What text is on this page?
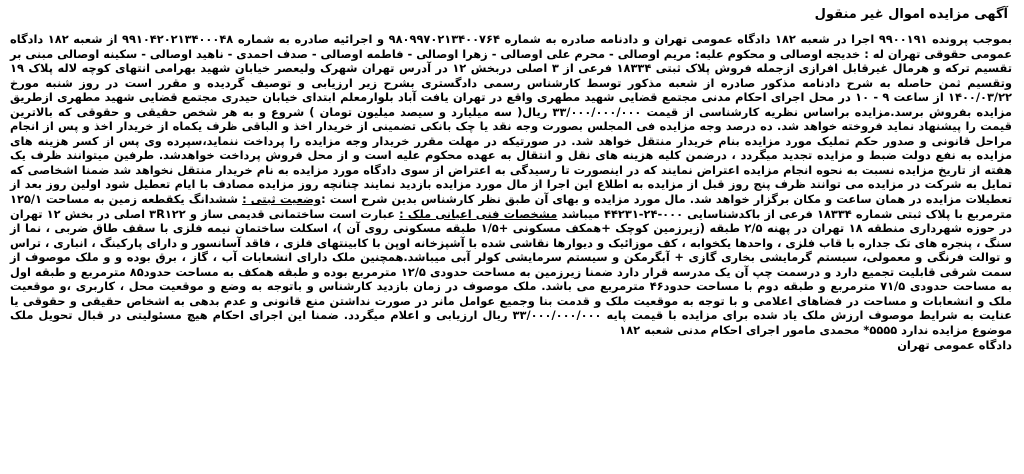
آگهی مزایده اموال غیر منقول
بموجب پرونده ۹۹۰۰۱۹۱ اجرا در شعبه ۱۸۲ دادگاه عمومی تهران و دادنامه صادره به شماره ۹۸۰۹۹۷۰۲۱۳۴۰۰۷۶۴ و اجرائیه صادره به شماره ۹۹۱۰۴۲۰۲۱۳۴۰۰۰۴۸ از شعبه ۱۸۲ دادگاه عمومی حقوقی تهران له : خدیجه اوصالی و محکوم علیه: مریم اوصالی - محرم علی اوصالی - زهرا اوصالی - فاطمه اوصالی - صدف احمدی - ناهید اوصالی - سکینه اوصالی مبنی بر تقسیم ترکه و هرمال غیرقابل افرازی ازجمله فروش پلاک ثبتی ۱۸۳۳۴ فرعی از ۳ اصلی دربخش ۱۲ در آدرس تهران شهرک ولیعصر خیابان شهید بهرامی انتهای کوچه لاله پلاک ۱۹ وتقسیم ثمن حاصله به شرح دادنامه مذکور صادره از شعبه مذکور توسط کارشناس رسمی دادگستری بشرح زیر ارزیابی و توصیف گردیده و مقرر است در روز شنبه مورخ ۱۴۰۰/۰۳/۲۲ از ساعت ۹ - ۱۰ در محل اجرای احکام مدنی مجتمع قضایی شهید مطهری واقع در تهران یافت آباد بلوارمعلم ابتدای خیابان حیدری مجتمع قضایی شهید مطهری ازطریق مزایده بفروش برسد.مزایده براساس نظریه کارشناسی از قیمت ۳۳/۰۰۰/۰۰۰/۰۰۰ ریال( سه میلیارد و سیصد میلیون تومان ) شروع و به هر شخص حقیقی و حقوقی که بالاترین قیمت را پیشنهاد نماید فروخته خواهد شد. ده درصد وجه مزایده فی المجلس بصورت وجه نقد یا چک بانکی تضمینی از خریدار اخذ و الباقی ظرف یکماه از خریدار اخذ و پس از انجام مراحل قانونی و صدور حکم تملیک مورد مزایده بنام خریدار منتقل خواهد شد. در صورتیکه در مهلت مقرر خریدار وجه مزایده را پرداخت ننماید،سپرده وی پس از کسر هزینه های مزایده به نفع دولت ضبط و مزایده تجدید میگردد ، درضمن کلیه هزینه های نقل و انتقال به عهده محکوم علیه است و از محل فروش پرداخت خواهدشد. طرفین میتوانند ظرف یک هفته از تاریخ مزایده نسبت به نحوه انجام مزایده اعتراض نمایند که در اینصورت تا رسیدگی به اعتراض از سوی دادگاه مورد مزایده به نام خریدار منتقل نخواهد شد ضمنا اشخاصی که تمایل به شرکت در مزایده می توانند ظرف پنج روز قبل از مزایده به اطلاع این اجرا از مال مورد مزایده بازدید نمایند چنانچه روز مزایده مصادف با ایام تعطیل شود اولین روز بعد از تعطیلات مزایده در همان ساعت و مکان برگزار خواهد شد. مال مورد مزایده و بهای آن طبق نظر کارشناس بدین شرح است :وضعیت ثبتی : ششدانگ یکقطعه زمین به مساحت ۱۲۵/۱ مترمربع با پلاک ثبتی شماره ۱۸۳۳۴ فرعی از باکدشناسایی ۰۰۰-۲۴-۴۴۲۳۱ میباشد مشخصات فنی اعیانی ملک : عبارت است ساختمانی قدیمی ساز و ۳R۱۲۲ اصلی در بخش ۱۲ تهران در حوزه شهرداری منطقه ۱۸ تهران در پهنه ۲/۵ طبقه (زیرزمین کوچک +همکف مسکونی +۱/۵ طبقه مسکونی روی آن )، اسکلت ساختمان نیمه فلزی با سقف طاق ضربی ، نما از سنگ ، پنجره های تک جداره با قاب فلزی ، واحدها یکخوابه ، کف موزائیک و دیوارها نقاشی شده با آشپزخانه اوپن با کابینتهای فلزی ، فاقد آسانسور و دارای پارکینگ ، انباری ، تراس و توالت فرنگی و معمولی، سیستم گرمایشی بخاری گازی + آبگرمکن و سیستم سرمایشی کولر آبی میباشد.همچنین ملک دارای انشعابات آب ، گاز ، برق بوده و و ملک موصوف از سمت شرقی قابلیت تجمیع دارد و درسمت چپ آن یک مدرسه قرار دارد ضمنا زیرزمین به مساحت حدودی ۱۲/۵ مترمربع بوده و طبقه همکف به مساحت حدود۸۵ مترمربع و طبقه اول به مساحت حدودی ۷۱/۵ مترمربع و طبقه دوم با مساحت حدود۴۶ مترمربع می باشد. ملک موصوف در زمان بازدید کارشناس و باتوجه به وضع و موقعیت محل ، کاربری ،و موقعیت ملک و انشعابات و مساحت در فضاهای اعلامی و با توجه به موقعیت ملک و قدمت بنا وجمیع عوامل مانر در صورت نداشتن منع قانونی و عدم بدهی به اشخاص حقیقی و حقوقی یا عنایت به شرایط موصوف ارزش ملک یاد شده برای مزایده با قیمت پایه ۳۳/۰۰۰/۰۰۰/۰۰۰ ریال ارزیابی و اعلام میگردد. ضمنا این اجرای احکام هیچ مسئولیتی در قبال تحویل ملک موضوع مزایده ندارد ۵۵۵۵* محمدی مامور اجرای احکام مدنی شعبه ۱۸۲
دادگاه عمومی تهران
